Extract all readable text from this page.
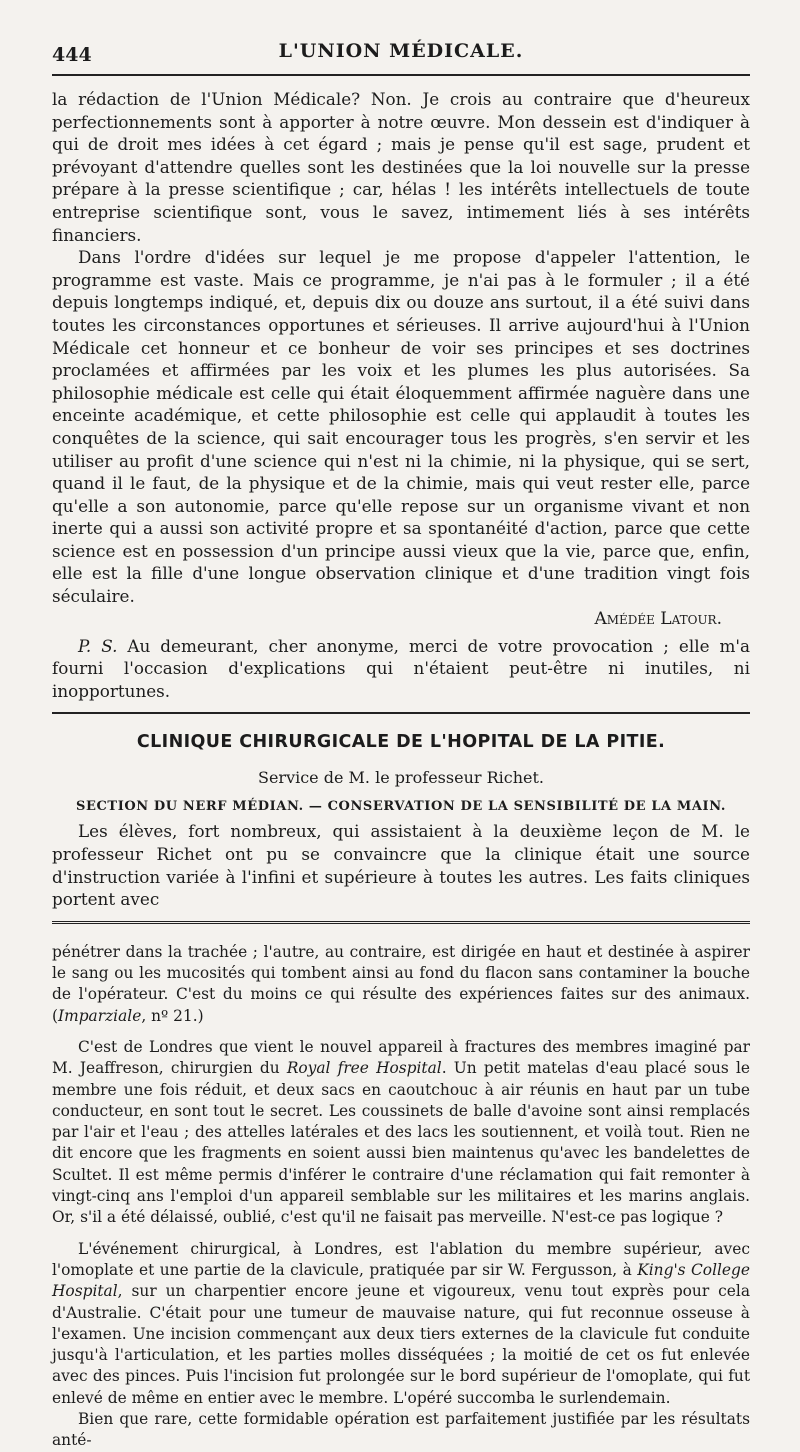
444	L'UNION MÉDICALE.

la rédaction de l'Union Médicale? Non. Je crois au contraire que d'heureux perfectionnements sont à apporter à notre œuvre. Mon dessein est d'indiquer à qui de droit mes idées à cet égard ; mais je pense qu'il est sage, prudent et prévoyant d'attendre quelles sont les destinées que la loi nouvelle sur la presse prépare à la presse scientifique ; car, hélas ! les intérêts intellectuels de toute entreprise scientifique sont, vous le savez, intimement liés à ses intérêts financiers.

Dans l'ordre d'idées sur lequel je me propose d'appeler l'attention, le programme est vaste. Mais ce programme, je n'ai pas à le formuler ; il a été depuis longtemps indiqué, et, depuis dix ou douze ans surtout, il a été suivi dans toutes les circonstances opportunes et sérieuses. Il arrive aujourd'hui à l'Union Médicale cet honneur et ce bonheur de voir ses principes et ses doctrines proclamées et affirmées par les voix et les plumes les plus autorisées. Sa philosophie médicale est celle qui était éloquemment affirmée naguère dans une enceinte académique, et cette philosophie est celle qui applaudit à toutes les conquêtes de la science, qui sait encourager tous les progrès, s'en servir et les utiliser au profit d'une science qui n'est ni la chimie, ni la physique, qui se sert, quand il le faut, de la physique et de la chimie, mais qui veut rester elle, parce qu'elle a son autonomie, parce qu'elle repose sur un organisme vivant et non inerte qui a aussi son activité propre et sa spontanéité d'action, parce que cette science est en possession d'un principe aussi vieux que la vie, parce que, enfin, elle est la fille d'une longue observation clinique et d'une tradition vingt fois séculaire.

Amédée Latour.

P. S. Au demeurant, cher anonyme, merci de votre provocation ; elle m'a fourni l'occasion d'explications qui n'étaient peut-être ni inutiles, ni inopportunes.

CLINIQUE CHIRURGICALE DE L'HOPITAL DE LA PITIE.
Service de M. le professeur Richet.
SECTION DU NERF MÉDIAN. — CONSERVATION DE LA SENSIBILITÉ DE LA MAIN.

Les élèves, fort nombreux, qui assistaient à la deuxième leçon de M. le professeur Richet ont pu se convaincre que la clinique était une source d'instruction variée à l'infini et supérieure à toutes les autres. Les faits cliniques portent avec

pénétrer dans la trachée ; l'autre, au contraire, est dirigée en haut et destinée à aspirer le sang ou les mucosités qui tombent ainsi au fond du flacon sans contaminer la bouche de l'opérateur. C'est du moins ce qui résulte des expériences faites sur des animaux. (Imparziale, nº 21.)

C'est de Londres que vient le nouvel appareil à fractures des membres imaginé par M. Jeaffreson, chirurgien du Royal free Hospital. Un petit matelas d'eau placé sous le membre une fois réduit, et deux sacs en caoutchouc à air réunis en haut par un tube conducteur, en sont tout le secret. Les coussinets de balle d'avoine sont ainsi remplacés par l'air et l'eau ; des attelles latérales et des lacs les soutiennent, et voilà tout. Rien ne dit encore que les fragments en soient aussi bien maintenus qu'avec les bandelettes de Scultet. Il est même permis d'inférer le contraire d'une réclamation qui fait remonter à vingt-cinq ans l'emploi d'un appareil semblable sur les militaires et les marins anglais. Or, s'il a été délaissé, oublié, c'est qu'il ne faisait pas merveille. N'est-ce pas logique ?

L'événement chirurgical, à Londres, est l'ablation du membre supérieur, avec l'omoplate et une partie de la clavicule, pratiquée par sir W. Fergusson, à King's College Hospital, sur un charpentier encore jeune et vigoureux, venu tout exprès pour cela d'Australie. C'était pour une tumeur de mauvaise nature, qui fut reconnue osseuse à l'examen. Une incision commençant aux deux tiers externes de la clavicule fut conduite jusqu'à l'articulation, et les parties molles disséquées ; la moitié de cet os fut enlevée avec des pinces. Puis l'incision fut prolongée sur le bord supérieur de l'omoplate, qui fut enlevé de même en entier avec le membre. L'opéré succomba le surlendemain.

Bien que rare, cette formidable opération est parfaitement justifiée par les résultats anté-
